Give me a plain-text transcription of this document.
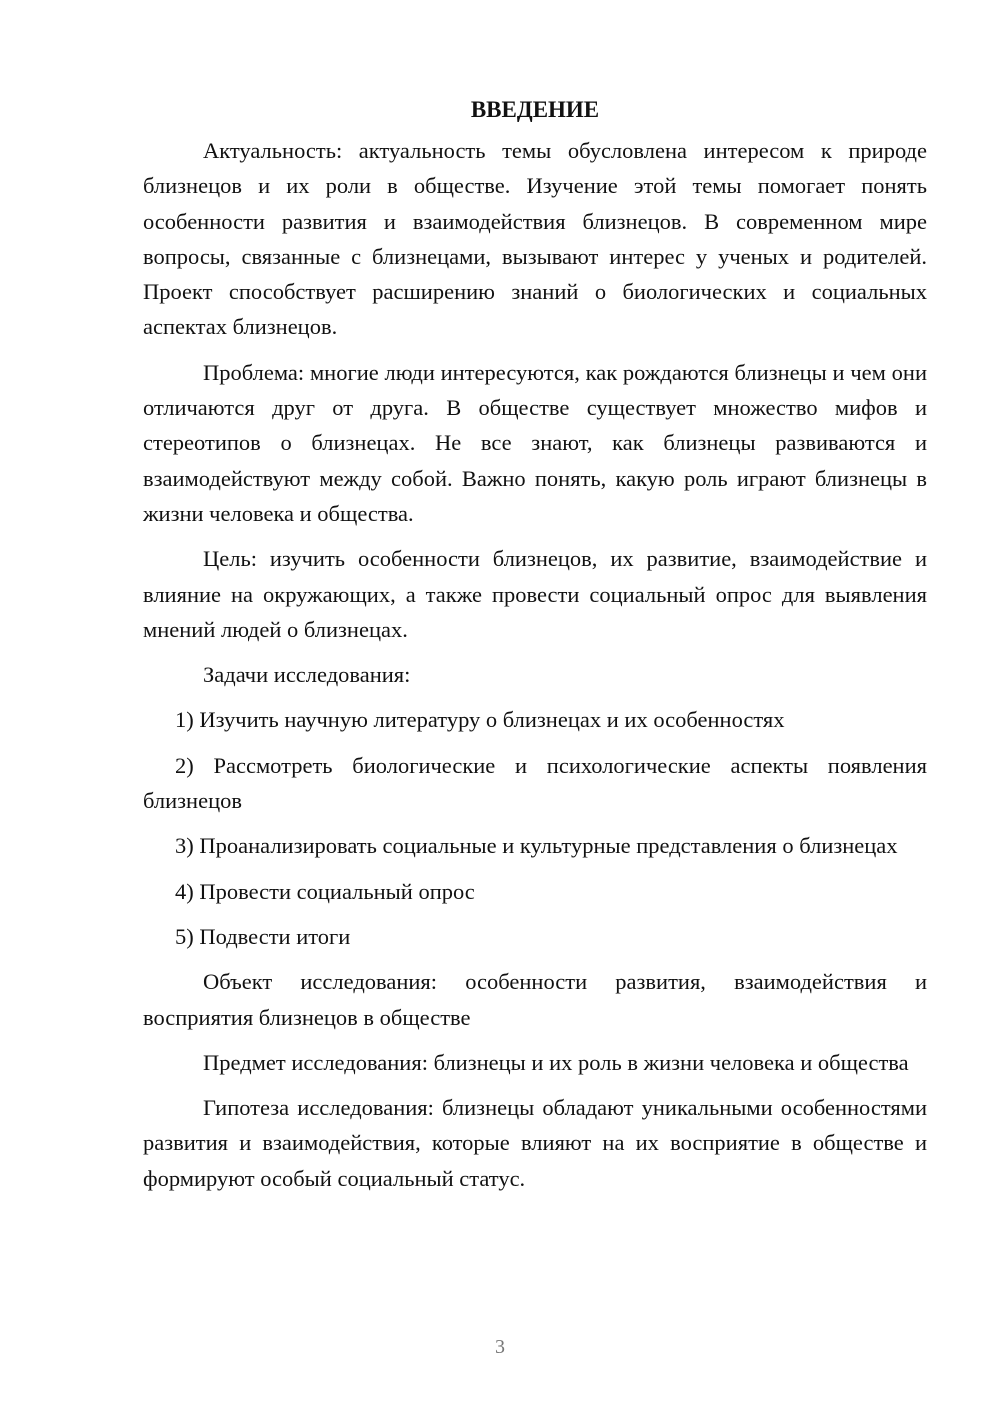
ВВЕДЕНИЕ

Актуальность: актуальность темы обусловлена интересом к природе близнецов и их роли в обществе. Изучение этой темы помогает понять особенности развития и взаимодействия близнецов. В современном мире вопросы, связанные с близнецами, вызывают интерес у ученых и родителей. Проект способствует расширению знаний о биологических и социальных аспектах близнецов.

Проблема: многие люди интересуются, как рождаются близнецы и чем они отличаются друг от друга. В обществе существует множество мифов и стереотипов о близнецах. Не все знают, как близнецы развиваются и взаимодействуют между собой. Важно понять, какую роль играют близнецы в жизни человека и общества.

Цель: изучить особенности близнецов, их развитие, взаимодействие и влияние на окружающих, а также провести социальный опрос для выявления мнений людей о близнецах.

Задачи исследования:

1) Изучить научную литературу о близнецах и их особенностях

2) Рассмотреть биологические и психологические аспекты появления близнецов

3) Проанализировать социальные и культурные представления о близнецах

4) Провести социальный опрос

5) Подвести итоги

Объект исследования: особенности развития, взаимодействия и восприятия близнецов в обществе

Предмет исследования: близнецы и их роль в жизни человека и общества

Гипотеза исследования: близнецы обладают уникальными особенностями развития и взаимодействия, которые влияют на их восприятие в обществе и формируют особый социальный статус.

3
